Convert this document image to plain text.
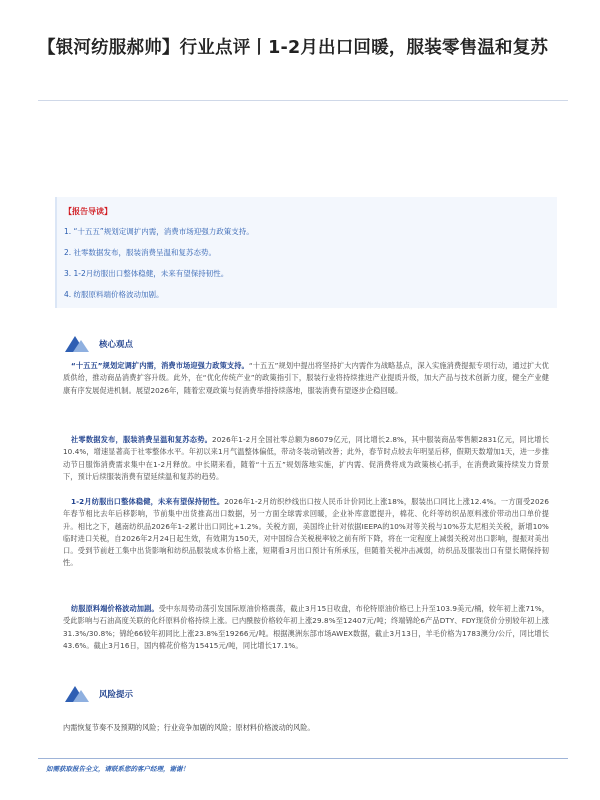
【银河纺服郝帅】行业点评丨1-2月出口回暖，服装零售温和复苏
【报告导读】
1. “十五五”规划定调扩内需，消费市场迎强力政策支持。
2. 社零数据发布，服装消费呈温和复苏态势。
3. 1-2月纺服出口整体稳健，未来有望保持韧性。
4. 纺服原料端价格波动加剧。
核心观点
“十五五”规划定调扩内需，消费市场迎强力政策支持。“十五五”规划中提出将坚持扩大内需作为战略基点，深入实施消费提振专项行动，通过扩大优质供给，推动商品消费扩容升级。此外，在“优化传统产业”的政策指引下，服装行业将持续推进产业提质升级，加大产品与技术创新力度，健全产业健康有序发展促进机制。展望2026年，随着宏观政策与促消费举措持续落地，服装消费有望逐步企稳回暖。
社零数据发布，服装消费呈温和复苏态势。2026年1-2月全国社零总额为86079亿元，同比增长2.8%，其中服装商品零售额2831亿元，同比增长10.4%，增速显著高于社零整体水平。年初以来1月气温整体偏低，带动冬装动销改善；此外，春节时点较去年明显后移，假期天数增加1天，进一步推动节日服饰消费需求集中在1-2月释放。中长期来看，随着“十五五”规划落地实施，扩内需、促消费将成为政策核心抓手，在消费政策持续发力背景下，预计后续服装消费有望延续温和复苏的趋势。
1-2月纺服出口整体稳健，未来有望保持韧性。2026年1-2月纺织纱线出口按人民币计价同比上涨18%，服装出口同比上涨12.4%。一方面受2026年春节相比去年后移影响，节前集中出货推高出口数据，另一方面全球需求回暖，企业补库意愿提升，棉花、化纤等纺织品原料涨价带动出口单价提升。相比之下，越南纺织品2026年1-2累计出口同比+1.2%。关税方面，美国终止针对依据IEEPA的10%对等关税与10%芬太尼相关关税，新增10%临时进口关税，自2026年2月24日起生效，有效期为150天，对中国综合关税税率较之前有所下降，将在一定程度上减弱关税对出口影响，提振对美出口。受到节前赶工集中出货影响和纺织品服装成本价格上涨，短期看3月出口预计有所承压，但随着关税冲击减弱，纺织品及服装出口有望长期保持韧性。
纺服原料端价格波动加剧。受中东局势动荡引发国际原油价格震荡，截止3月15日收盘，布伦特原油价格已上升至103.9美元/桶，较年初上涨71%，受此影响与石油高度关联的化纤原料价格持续上涨。已内酰胺价格较年初上涨29.8%至12407元/吨；终端锦纶6产品DTY、FDY现货价分别较年初上涨31.3%/30.8%；锦纶66较年初同比上涨23.8%至19266元/吨。根据澳洲东部市场AWEX数据，截止3月13日，羊毛价格为1783澳分/公斤，同比增长43.6%。截止3月16日，国内棉花价格为15415元/吨，同比增长17.1%。
风险提示
内需恢复节奏不及预期的风险；行业竞争加剧的风险；原材料价格波动的风险。
如需获取报告全文，请联系您的客户经理，谢谢！
